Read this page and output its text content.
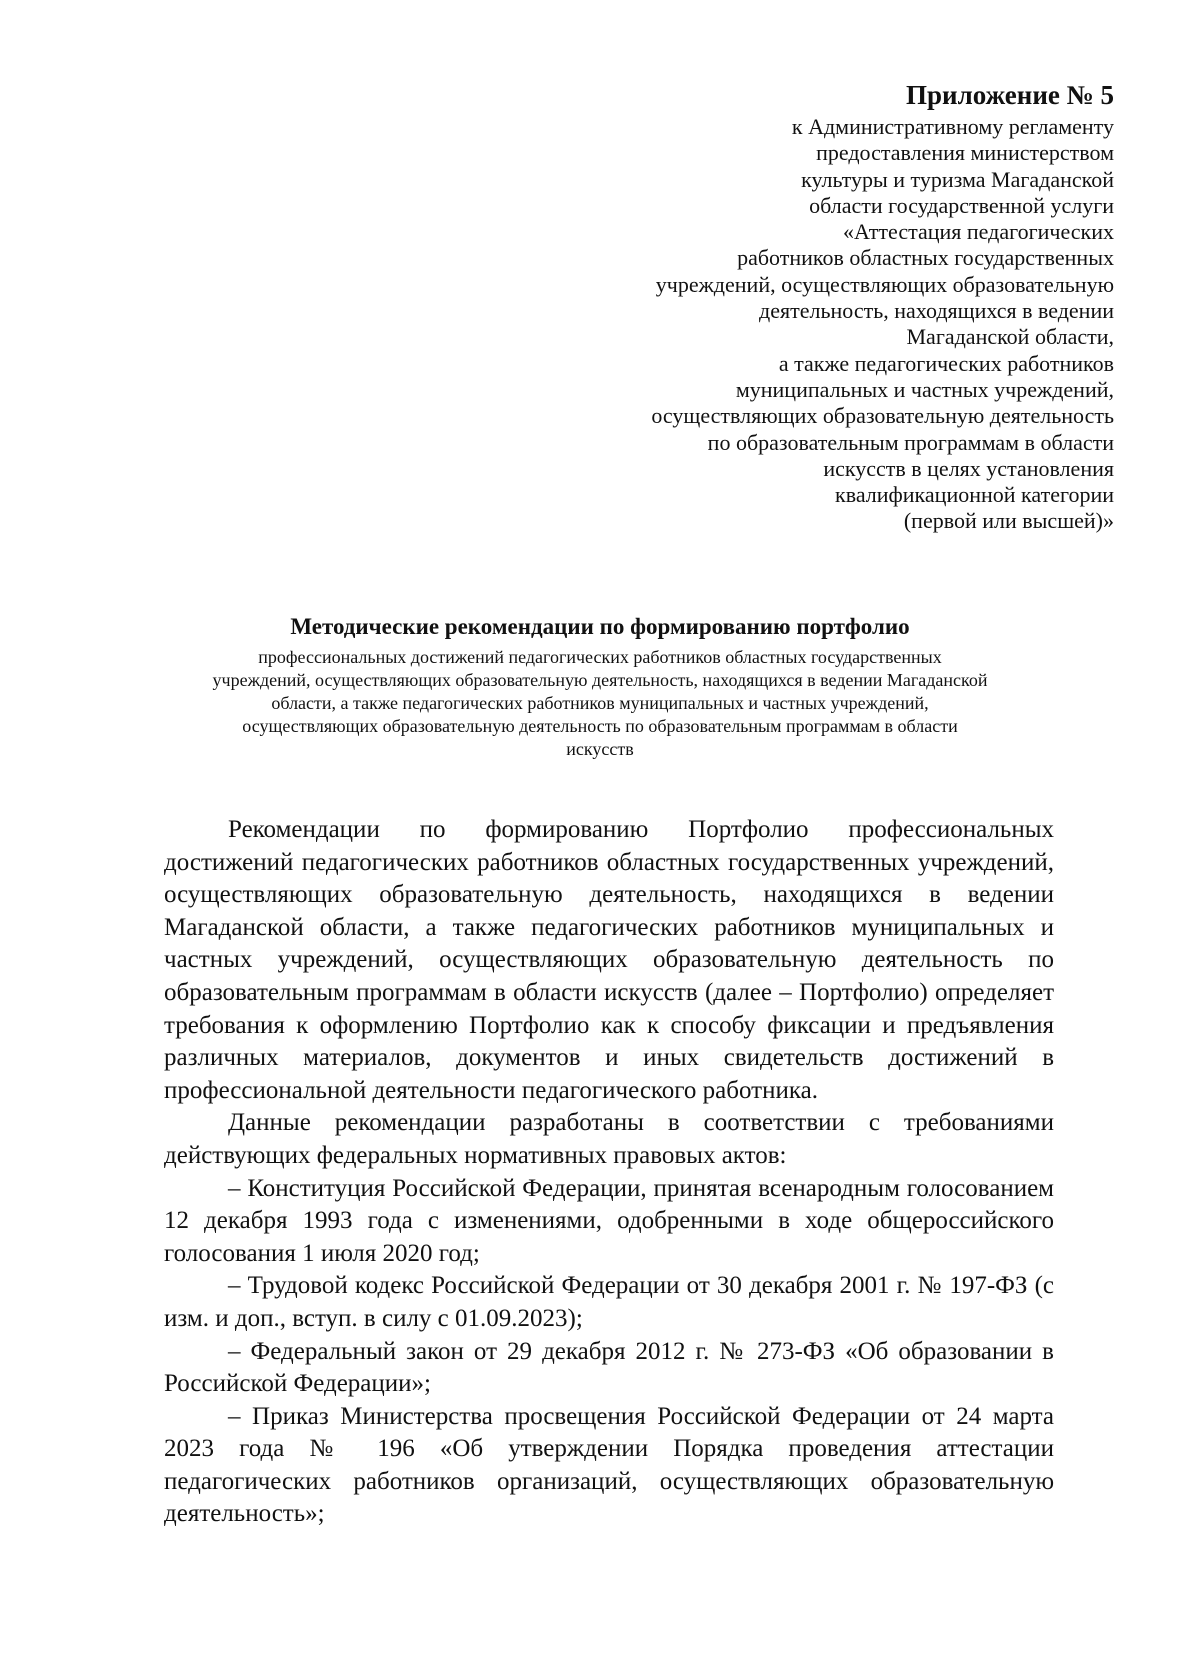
Приложение № 5
к Административному регламенту
предоставления министерством
культуры и туризма Магаданской
области государственной услуги
«Аттестация педагогических
работников областных государственных
учреждений, осуществляющих образовательную
деятельность, находящихся в ведении
Магаданской области,
а также педагогических работников
муниципальных и частных учреждений,
осуществляющих образовательную деятельность
по образовательным программам в области
искусств в целях установления
квалификационной категории
(первой или высшей)»
Методические рекомендации по формированию портфолио
профессиональных достижений педагогических работников областных государственных
учреждений, осуществляющих образовательную деятельность, находящихся в ведении Магаданской
области, а также педагогических работников муниципальных и частных учреждений,
осуществляющих образовательную деятельность по образовательным программам в области
искусств

Рекомендации по формированию Портфолио профессиональных достижений педагогических работников областных государственных учреждений, осуществляющих образовательную деятельность, находящихся в ведении Магаданской области, а также педагогических работников муниципальных и частных учреждений, осуществляющих образовательную деятельность по образовательным программам в области искусств (далее – Портфолио) определяет требования к оформлению Портфолио как к способу фиксации и предъявления различных материалов, документов и иных свидетельств достижений в профессиональной деятельности педагогического работника.

Данные рекомендации разработаны в соответствии с требованиями действующих федеральных нормативных правовых актов:

– Конституция Российской Федерации, принятая всенародным голосованием 12 декабря 1993 года с изменениями, одобренными в ходе общероссийского голосования 1 июля 2020 год;

– Трудовой кодекс Российской Федерации от 30 декабря 2001 г. № 197-ФЗ (с изм. и доп., вступ. в силу с 01.09.2023);

– Федеральный закон от 29 декабря 2012 г. № 273-ФЗ «Об образовании в Российской Федерации»;

– Приказ Министерства просвещения Российской Федерации от 24 марта 2023 года № 196 «Об утверждении Порядка проведения аттестации педагогических работников организаций, осуществляющих образовательную деятельность»;
